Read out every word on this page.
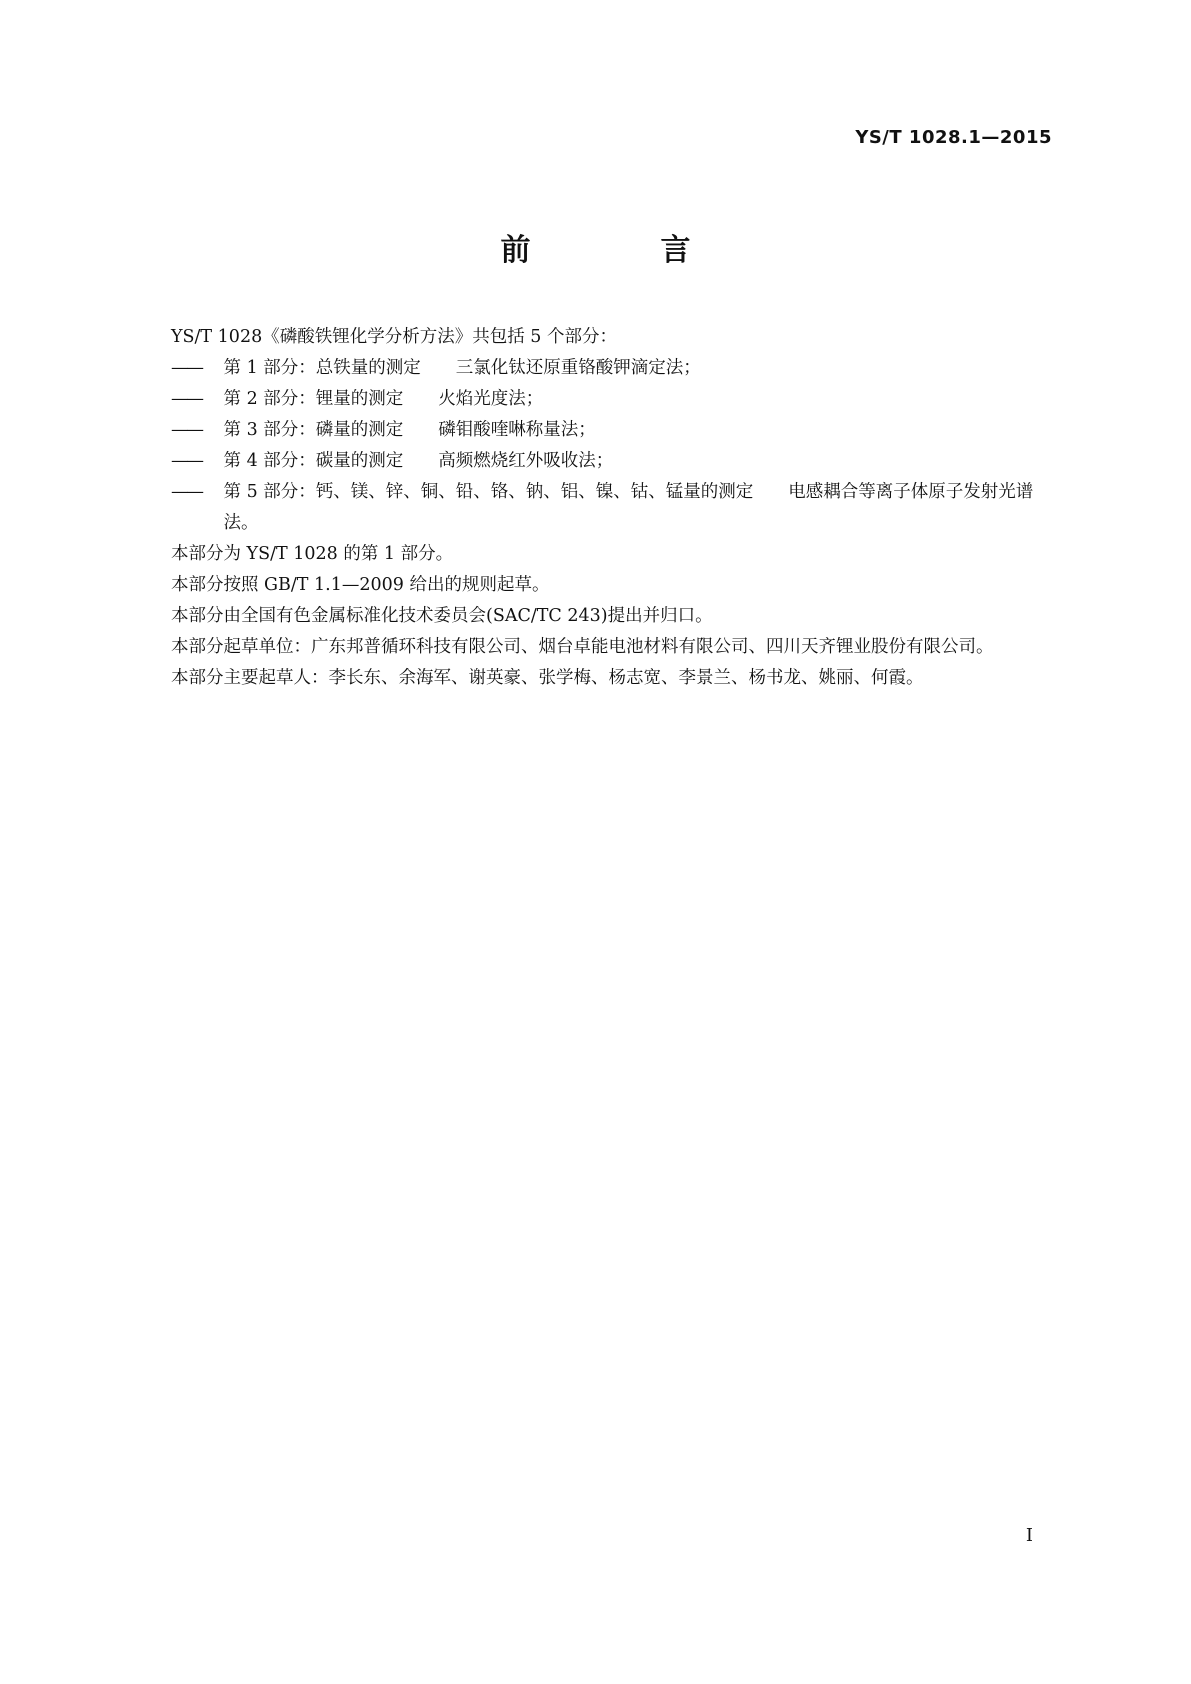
YS/T 1028.1—2015
前　言

YS/T 1028《磷酸铁锂化学分析方法》共包括 5 个部分：

—— 第 1 部分：总铁量的测定 三氯化钛还原重铬酸钾滴定法；

—— 第 2 部分：锂量的测定 火焰光度法；

—— 第 3 部分：磷量的测定 磷钼酸喹啉称量法；

—— 第 4 部分：碳量的测定 高频燃烧红外吸收法；

—— 第 5 部分：钙、镁、锌、铜、铅、铬、钠、铝、镍、钴、锰量的测定 电感耦合等离子体原子发射光谱法。

本部分为 YS/T 1028 的第 1 部分。

本部分按照 GB/T 1.1—2009 给出的规则起草。

本部分由全国有色金属标准化技术委员会(SAC/TC 243)提出并归口。

本部分起草单位：广东邦普循环科技有限公司、烟台卓能电池材料有限公司、四川天齐锂业股份有限公司。

本部分主要起草人：李长东、余海军、谢英豪、张学梅、杨志宽、李景兰、杨书龙、姚丽、何霞。

I
